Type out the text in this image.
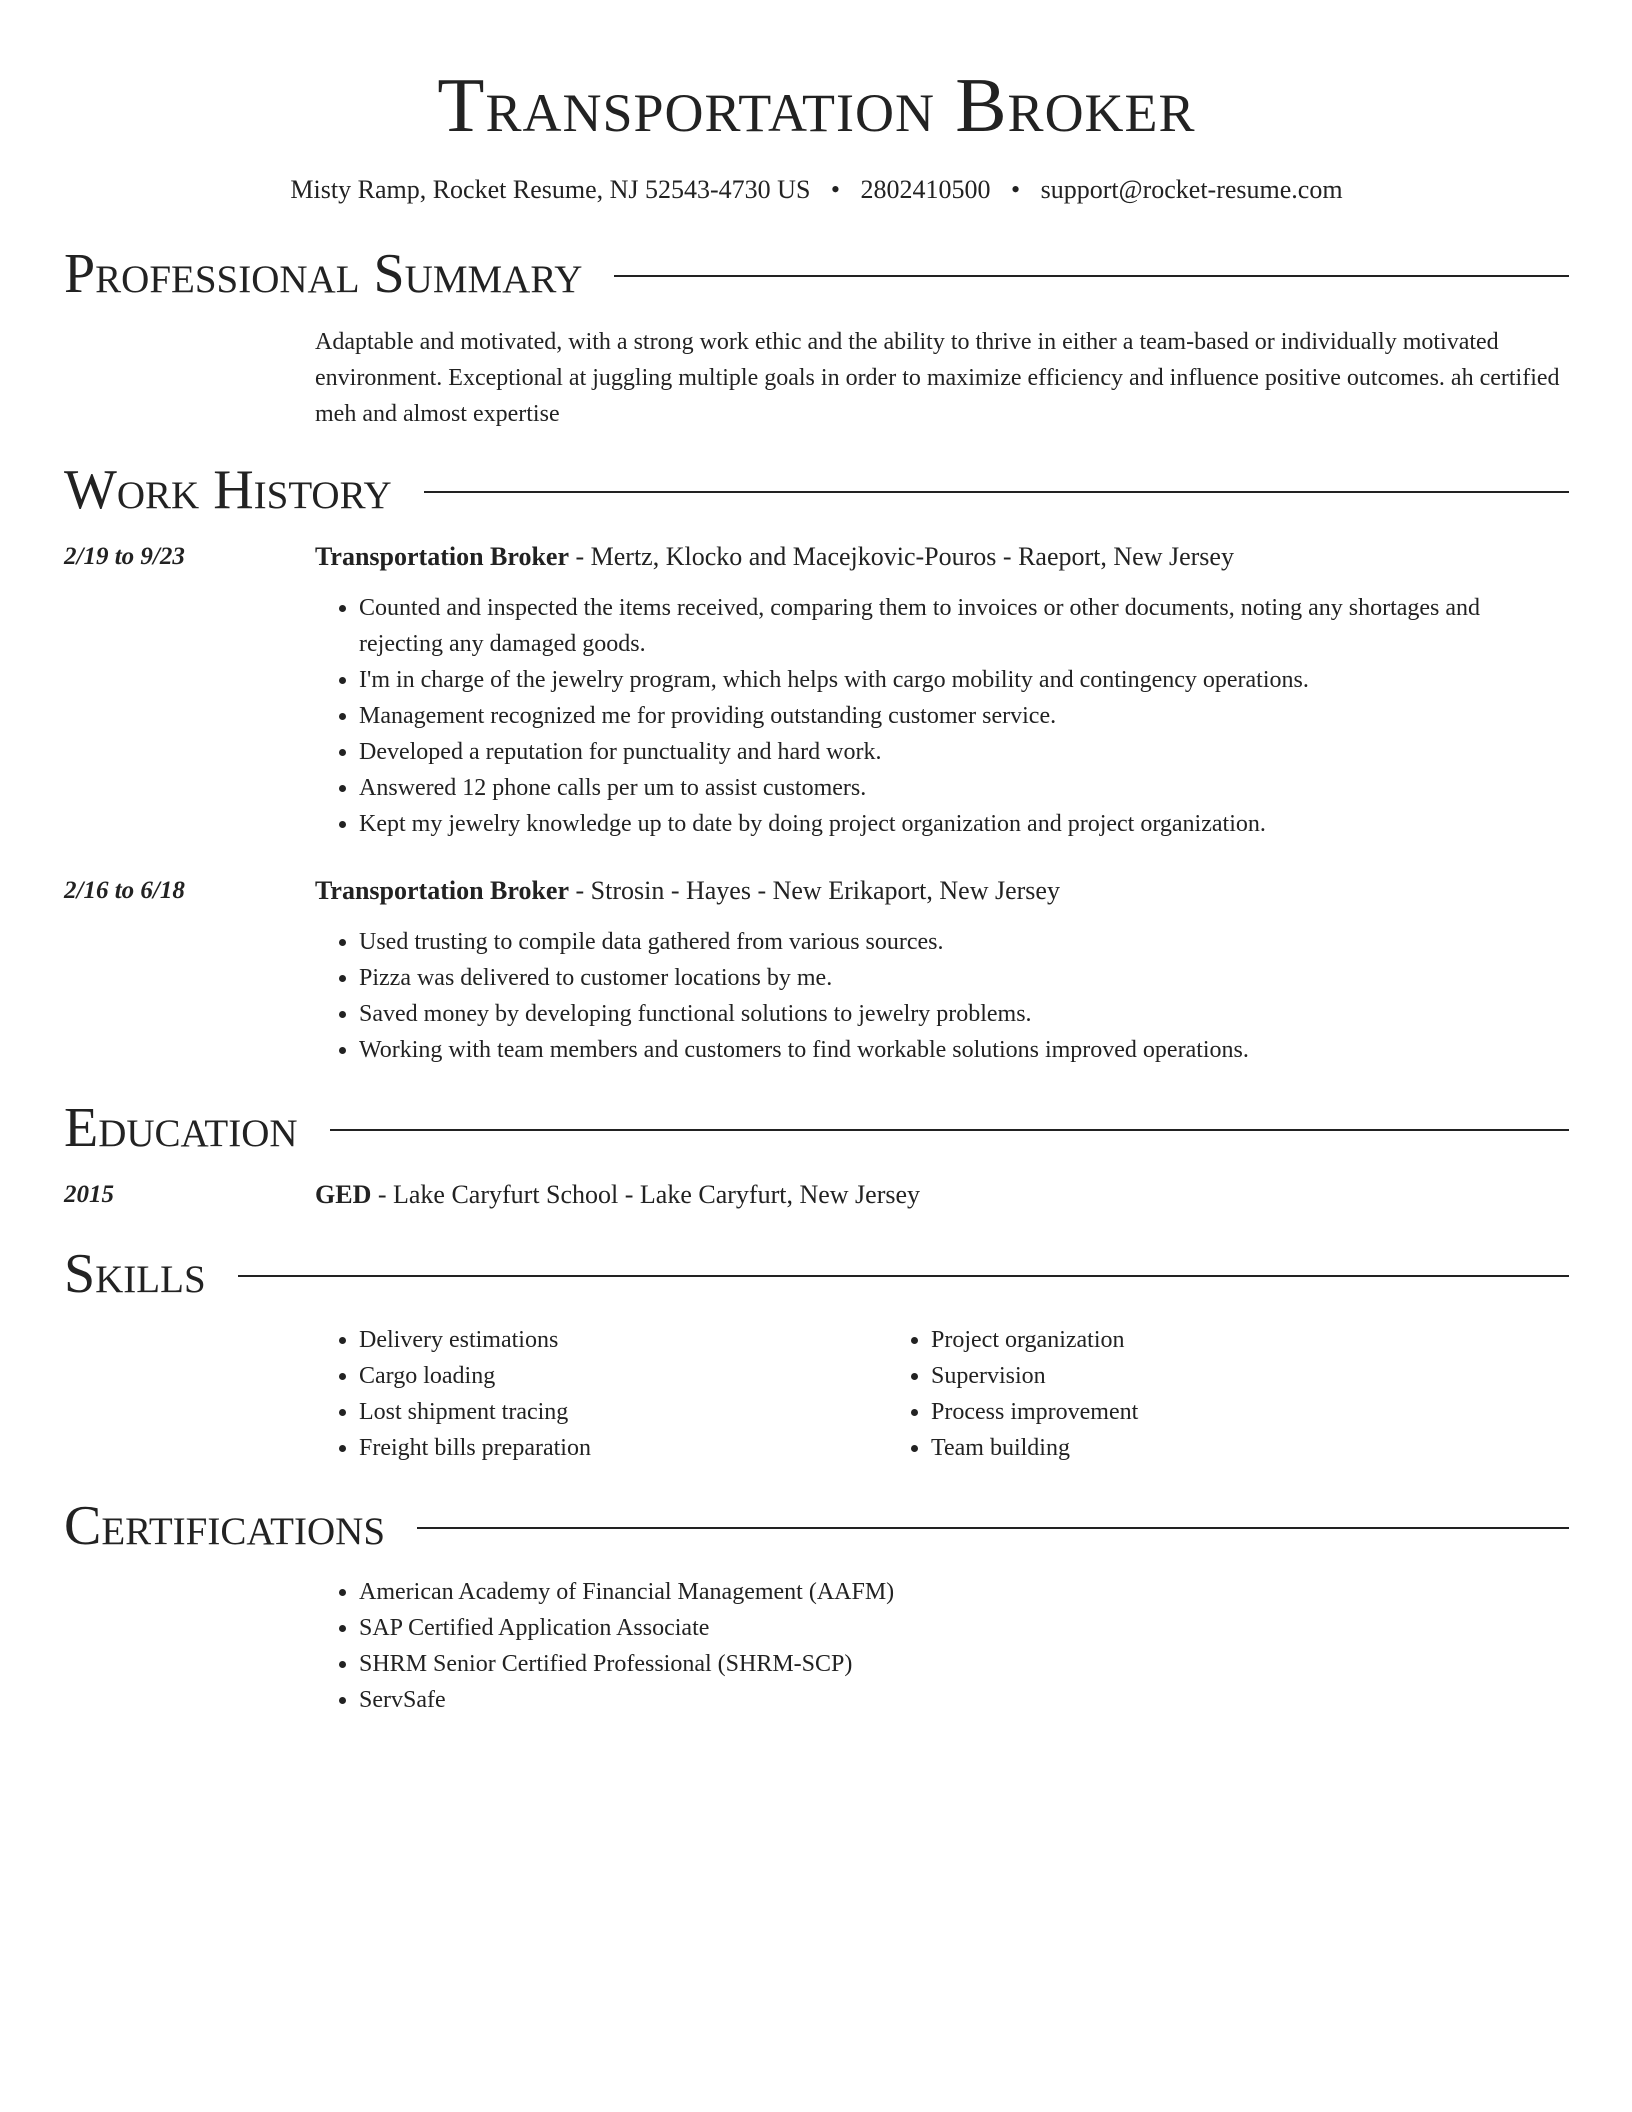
Transportation Broker
Misty Ramp, Rocket Resume, NJ 52543-4730 US • 2802410500 • support@rocket-resume.com
Professional Summary
Adaptable and motivated, with a strong work ethic and the ability to thrive in either a team-based or individually motivated environment. Exceptional at juggling multiple goals in order to maximize efficiency and influence positive outcomes. ah certified meh and almost expertise
Work History
2/19 to 9/23	Transportation Broker - Mertz, Klocko and Macejkovic-Pouros - Raeport, New Jersey
• Counted and inspected the items received, comparing them to invoices or other documents, noting any shortages and rejecting any damaged goods.
• I'm in charge of the jewelry program, which helps with cargo mobility and contingency operations.
• Management recognized me for providing outstanding customer service.
• Developed a reputation for punctuality and hard work.
• Answered 12 phone calls per um to assist customers.
• Kept my jewelry knowledge up to date by doing project organization and project organization.
2/16 to 6/18	Transportation Broker - Strosin - Hayes - New Erikaport, New Jersey
• Used trusting to compile data gathered from various sources.
• Pizza was delivered to customer locations by me.
• Saved money by developing functional solutions to jewelry problems.
• Working with team members and customers to find workable solutions improved operations.
Education
2015	GED - Lake Caryfurt School - Lake Caryfurt, New Jersey
Skills
• Delivery estimations
• Cargo loading
• Lost shipment tracing
• Freight bills preparation
• Project organization
• Supervision
• Process improvement
• Team building
Certifications
• American Academy of Financial Management (AAFM)
• SAP Certified Application Associate
• SHRM Senior Certified Professional (SHRM-SCP)
• ServSafe
